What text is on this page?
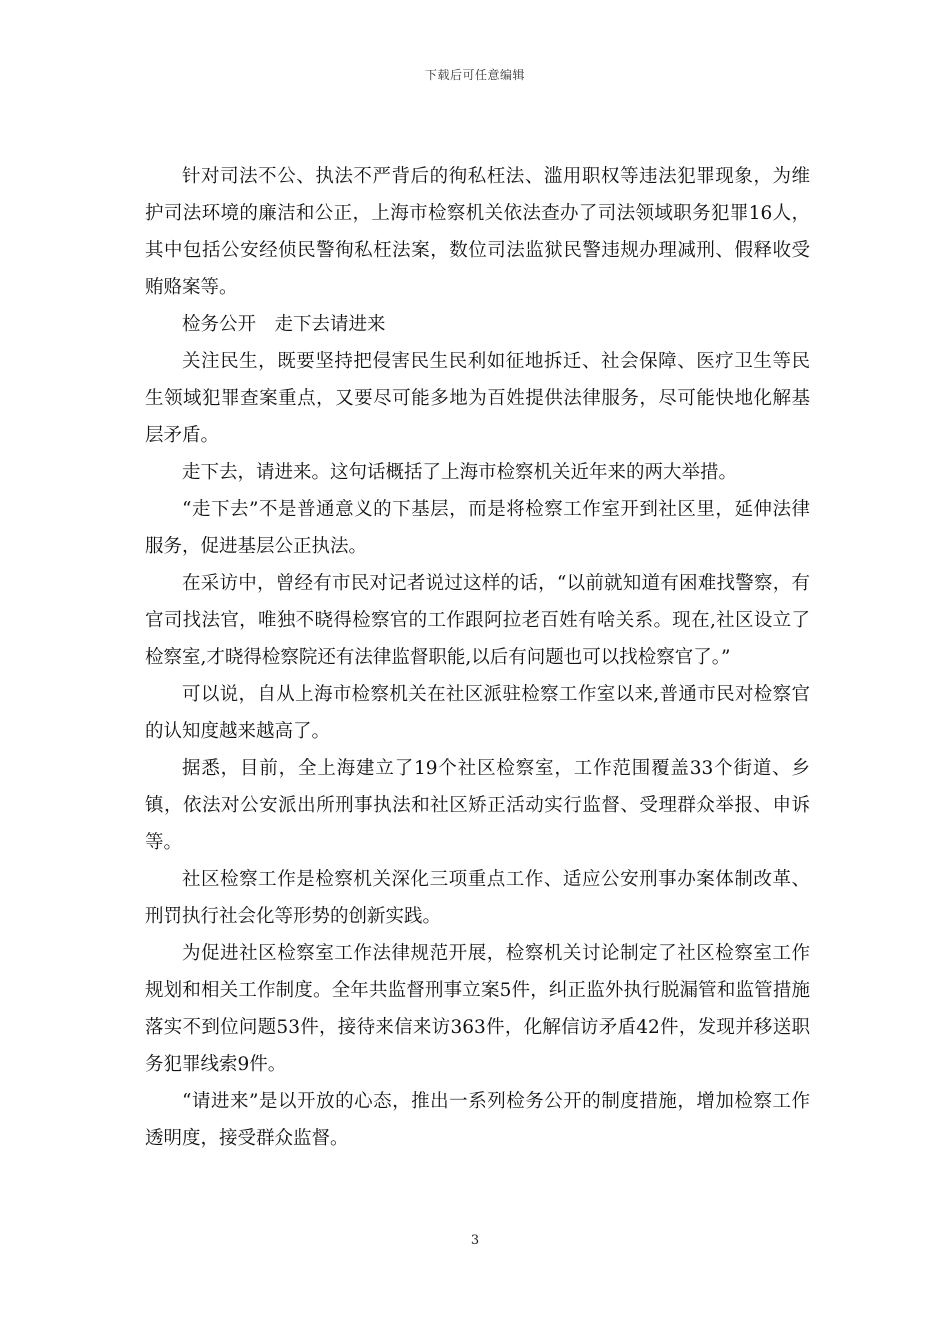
下载后可任意编辑

针对司法不公、执法不严背后的徇私枉法、滥用职权等违法犯罪现象，为维护司法环境的廉洁和公正，上海市检察机关依法查办了司法领域职务犯罪16人，其中包括公安经侦民警徇私枉法案，数位司法监狱民警违规办理减刑、假释收受贿赂案等。

检务公开　走下去请进来

关注民生，既要坚持把侵害民生民利如征地拆迁、社会保障、医疗卫生等民生领域犯罪查案重点，又要尽可能多地为百姓提供法律服务，尽可能快地化解基层矛盾。

走下去，请进来。这句话概括了上海市检察机关近年来的两大举措。

“走下去”不是普通意义的下基层，而是将检察工作室开到社区里，延伸法律服务，促进基层公正执法。

在采访中，曾经有市民对记者说过这样的话，“以前就知道有困难找警察，有官司找法官，唯独不晓得检察官的工作跟阿拉老百姓有啥关系。现在,社区设立了检察室,才晓得检察院还有法律监督职能,以后有问题也可以找检察官了。”

可以说，自从上海市检察机关在社区派驻检察工作室以来,普通市民对检察官的认知度越来越高了。

据悉，目前，全上海建立了19个社区检察室，工作范围覆盖33个街道、乡镇，依法对公安派出所刑事执法和社区矫正活动实行监督、受理群众举报、申诉等。

社区检察工作是检察机关深化三项重点工作、适应公安刑事办案体制改革、刑罚执行社会化等形势的创新实践。

为促进社区检察室工作法律规范开展，检察机关讨论制定了社区检察室工作规划和相关工作制度。全年共监督刑事立案5件，纠正监外执行脱漏管和监管措施落实不到位问题53件，接待来信来访363件，化解信访矛盾42件，发现并移送职务犯罪线索9件。

“请进来”是以开放的心态，推出一系列检务公开的制度措施，增加检察工作透明度，接受群众监督。

3
